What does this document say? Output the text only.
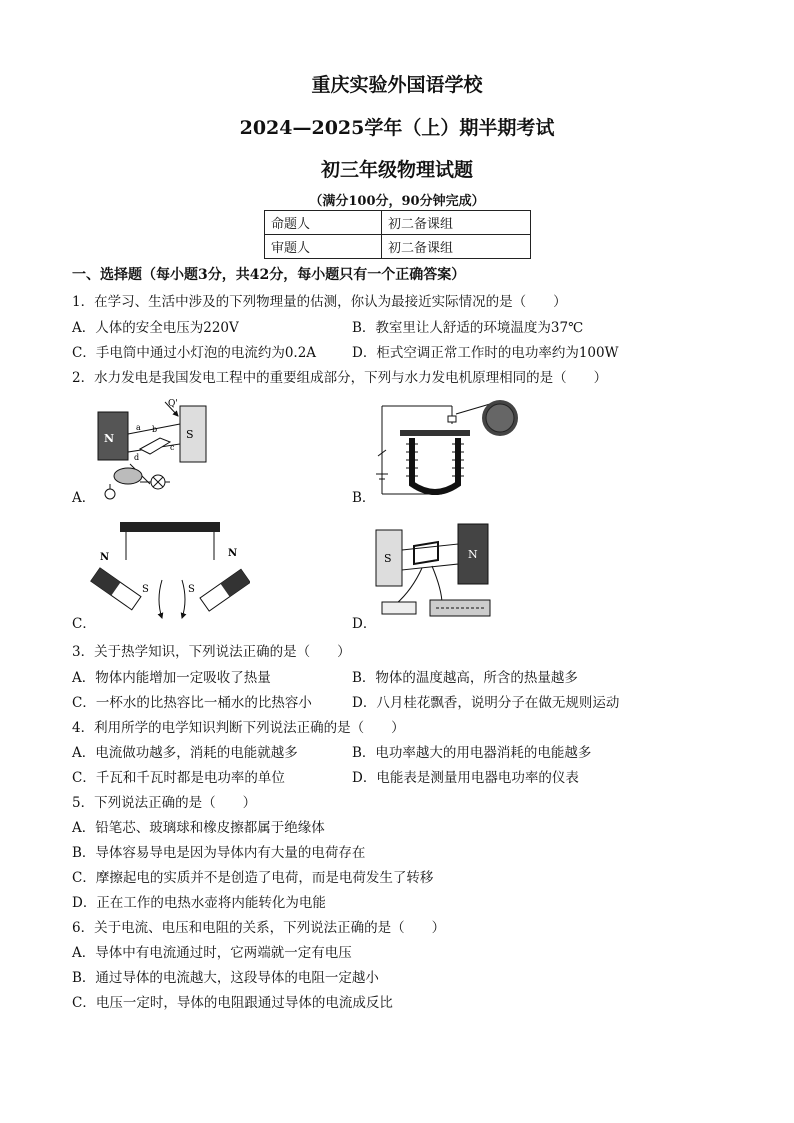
重庆实验外国语学校
2024—2025学年（上）期半期考试
初三年级物理试题
（满分100分，90分钟完成）
命题人	初二备课组
审题人	初二备课组
一、选择题（每小题3分，共42分，每小题只有一个正确答案）
1．在学习、生活中涉及的下列物理量的估测，你认为最接近实际情况的是（　　）
A．人体的安全电压为220V	B．教室里让人舒适的环境温度为37℃
C．手电筒中通过小灯泡的电流约为0.2A	D．柜式空调正常工作时的电功率约为100W
2．水力发电是我国发电工程中的重要组成部分，下列与水力发电机原理相同的是（　　）
Q'
N	S
a b
c
d
A．	B．
N
S	S
N
C．
S	N
D．
3．关于热学知识，下列说法正确的是（　　）
A．物体内能增加一定吸收了热量	B．物体的温度越高，所含的热量越多
C．一杯水的比热容比一桶水的比热容小	D．八月桂花飘香，说明分子在做无规则运动
4．利用所学的电学知识判断下列说法正确的是（　　）
A．电流做功越多，消耗的电能就越多	B．电功率越大的用电器消耗的电能越多
C．千瓦和千瓦时都是电功率的单位	D．电能表是测量用电器电功率的仪表
5．下列说法正确的是（　　）
A．铅笔芯、玻璃球和橡皮擦都属于绝缘体
B．导体容易导电是因为导体内有大量的电荷存在
C．摩擦起电的实质并不是创造了电荷，而是电荷发生了转移
D．正在工作的电热水壶将内能转化为电能
6．关于电流、电压和电阻的关系，下列说法正确的是（　　）
A．导体中有电流通过时，它两端就一定有电压
B．通过导体的电流越大，这段导体的电阻一定越小
C．电压一定时，导体的电阻跟通过导体的电流成反比
